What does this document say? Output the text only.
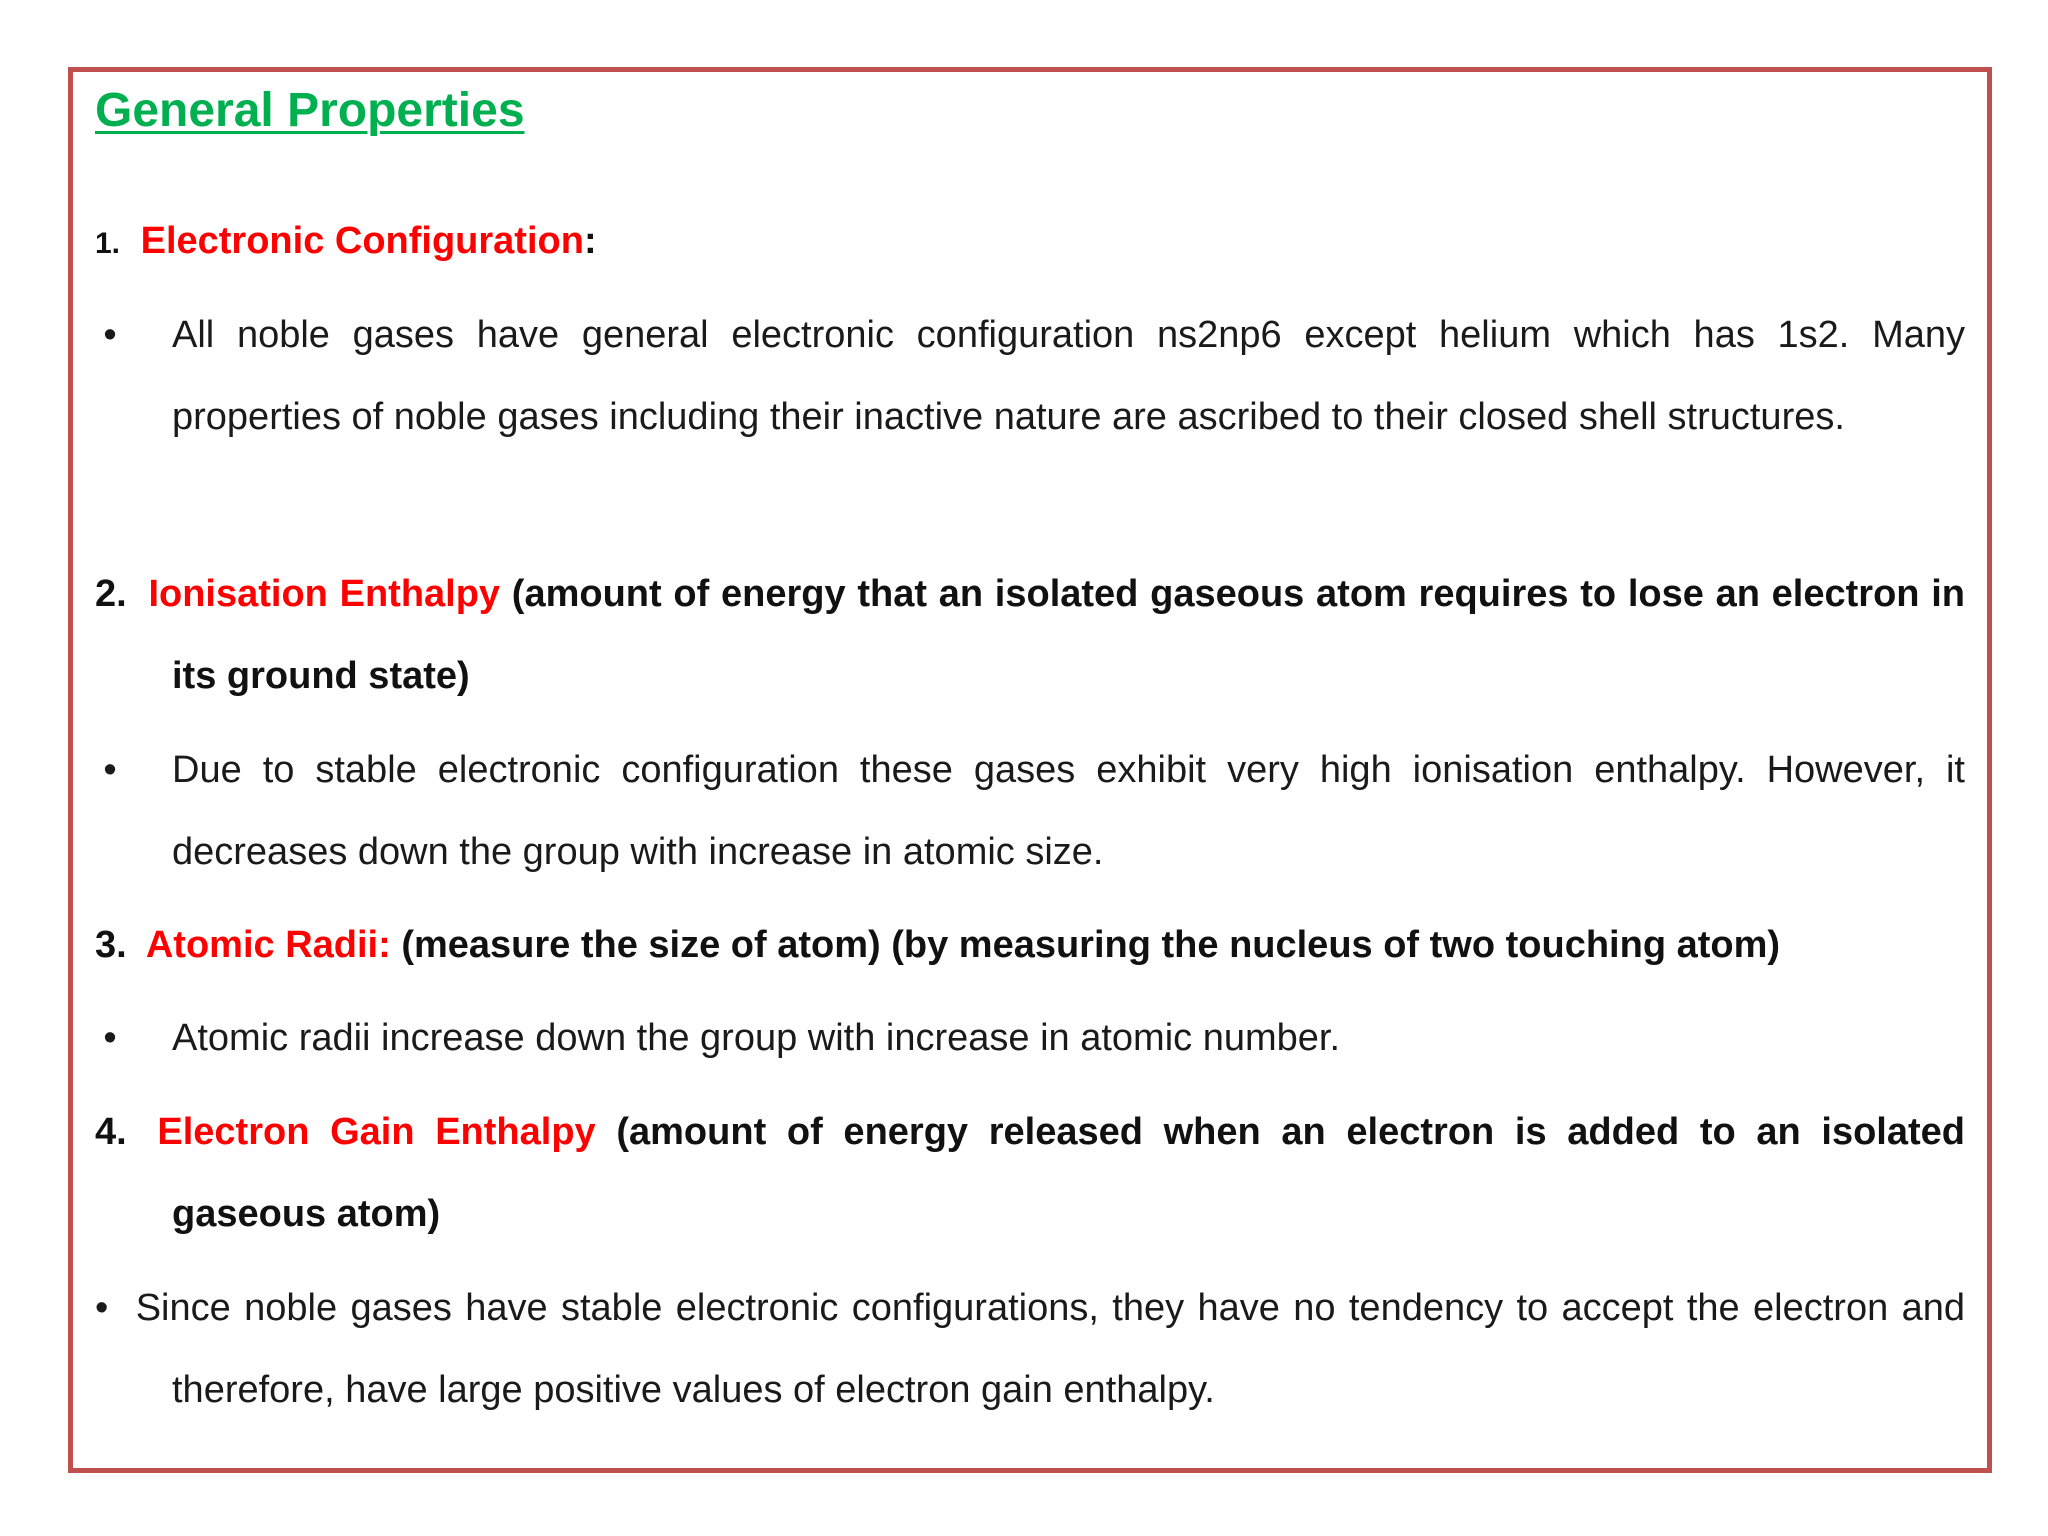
General Properties
1. Electronic Configuration:
• All noble gases have general electronic configuration ns2np6 except helium which has 1s2. Many properties of noble gases including their inactive nature are ascribed to their closed shell structures.
2. Ionisation Enthalpy (amount of energy that an isolated gaseous atom requires to lose an electron in its ground state)
• Due to stable electronic configuration these gases exhibit very high ionisation enthalpy. However, it decreases down the group with increase in atomic size.
3. Atomic Radii: (measure the size of atom) (by measuring the nucleus of two touching atom)
• Atomic radii increase down the group with increase in atomic number.
4. Electron Gain Enthalpy (amount of energy released when an electron is added to an isolated gaseous atom)
• Since noble gases have stable electronic configurations, they have no tendency to accept the electron and therefore, have large positive values of electron gain enthalpy.
